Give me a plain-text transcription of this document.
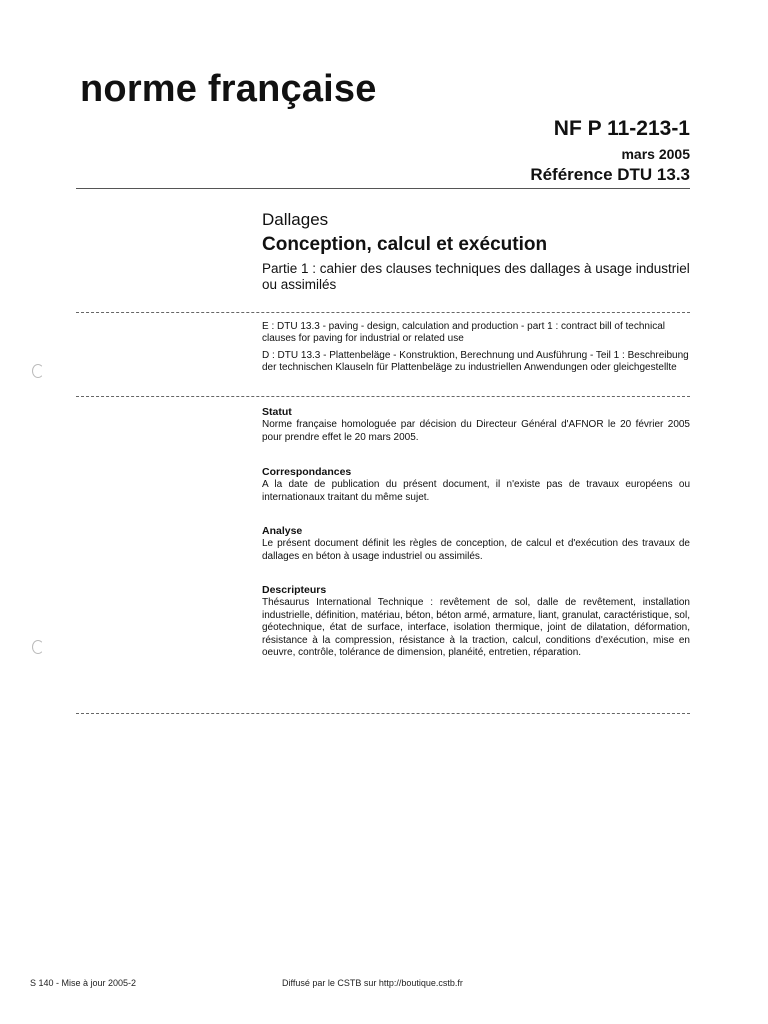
norme française
NF P 11-213-1
mars 2005
Référence DTU 13.3
Dallages
Conception, calcul et exécution
Partie 1 : cahier des clauses techniques des dallages à usage industriel ou assimilés

E : DTU 13.3 - paving - design, calculation and production - part 1 : contract bill of technical clauses for paving for industrial or related use

D : DTU 13.3 - Plattenbeläge - Konstruktion, Berechnung und Ausführung - Teil 1 : Beschreibung der technischen Klauseln für Plattenbeläge zu industriellen Anwendungen oder gleichgestellte

Statut

Norme française homologuée par décision du Directeur Général d'AFNOR le 20 février 2005 pour prendre effet le 20 mars 2005.

Correspondances

A la date de publication du présent document, il n'existe pas de travaux européens ou internationaux traitant du même sujet.

Analyse

Le présent document définit les règles de conception, de calcul et d'exécution des travaux de dallages en béton à usage industriel ou assimilés.

Descripteurs

Thésaurus International Technique : revêtement de sol, dalle de revêtement, installation industrielle, définition, matériau, béton, béton armé, armature, liant, granulat, caractéristique, sol, géotechnique, état de surface, interface, isolation thermique, joint de dilatation, déformation, résistance à la compression, résistance à la traction, calcul, conditions d'exécution, mise en oeuvre, contrôle, tolérance de dimension, planéité, entretien, réparation.

S 140 - Mise à jour 2005-2	Diffusé par le CSTB sur http://boutique.cstb.fr
